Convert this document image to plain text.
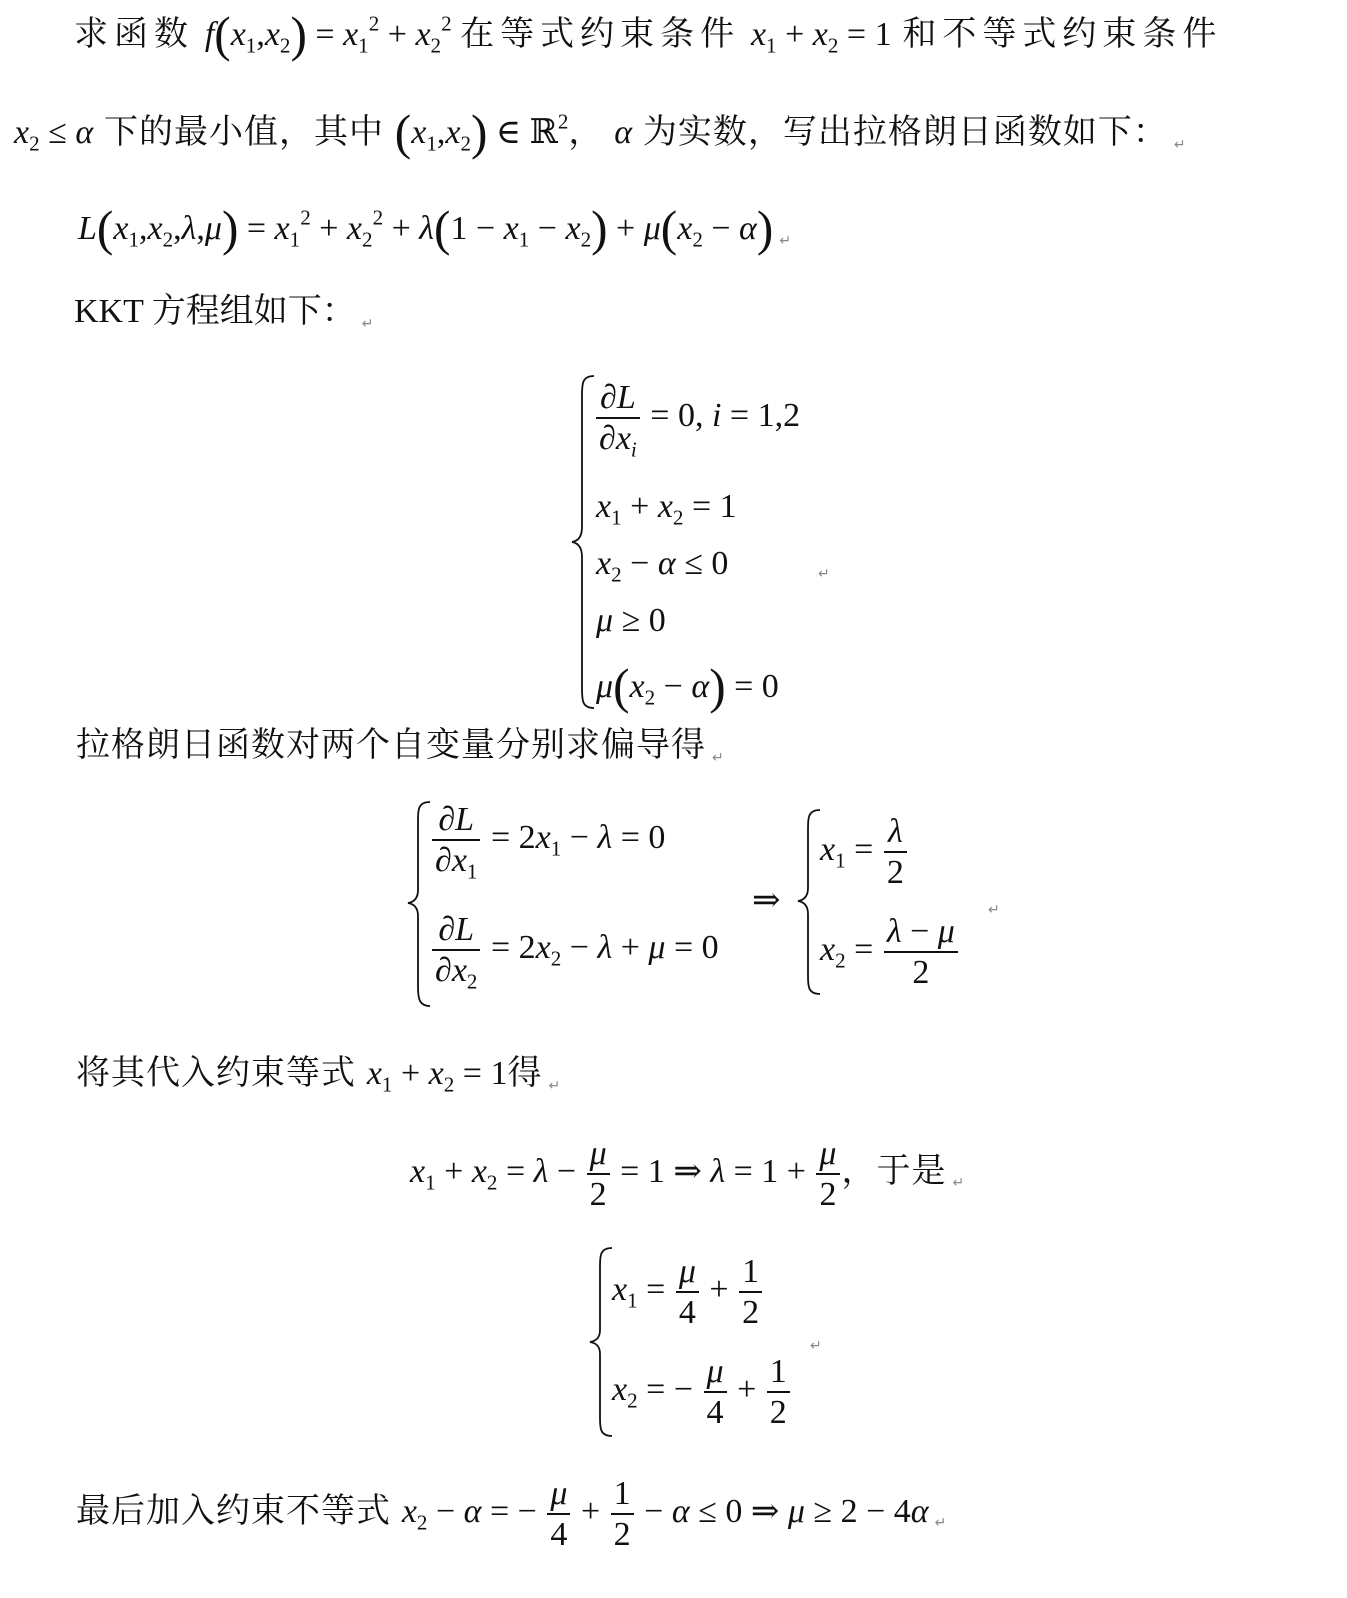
求函数 $f(x_1,x_2) = x_1^2 + x_2^2$ 在等式约束条件 $x_1 + x_2 = 1$ 和不等式约束条件
$x_2 \le \alpha$ 下的最小值，其中 $(x_1,x_2)$ ∈ ℝ$^2$， α 为实数，写出拉格朗日函数如下： ↵
$L(x_1,x_2,\lambda,\mu) = x_1^2 + x_2^2 + \lambda(1 - x_1 - x_2) + \mu(x_2 - \alpha)$ ↵
KKT 方程组如下： ↵
$\frac{\partial L}{\partial x_i} = 0$, i = 1,2
$x_1 + x_2 = 1$
$x_2 - \alpha \le 0$	↵
μ ≥ 0
$\mu(x_2 - \alpha) = 0$
拉格朗日函数对两个自变量分别求偏导得 ↵
$\frac{\partial L}{\partial x_1} = 2x_1 - \lambda = 0$
$\frac{\partial L}{\partial x_2} = 2x_2 - \lambda + \mu = 0$
⇒
$x_1 = \frac{\lambda}{2}$
$x_2 = \frac{\lambda - \mu}{2}$
↵
将其代入约束等式 $x_1 + x_2 = 1$得 ↵
$x_1 + x_2 = \lambda - \frac{\mu}{2} = 1$ ⇒ $\lambda = 1 + \frac{\mu}{2}$ ，于是 ↵
$x_1 = \frac{\mu}{4} + \frac{1}{2}$
$x_2$ = − $\frac{\mu}{4} + \frac{1}{2}$
↵
最后加入约束不等式 $x_2 - \alpha$ = − $\frac{\mu}{4} + \frac{1}{2} - \alpha \le 0$ ⇒ μ ≥ 2 − 4α ↵
